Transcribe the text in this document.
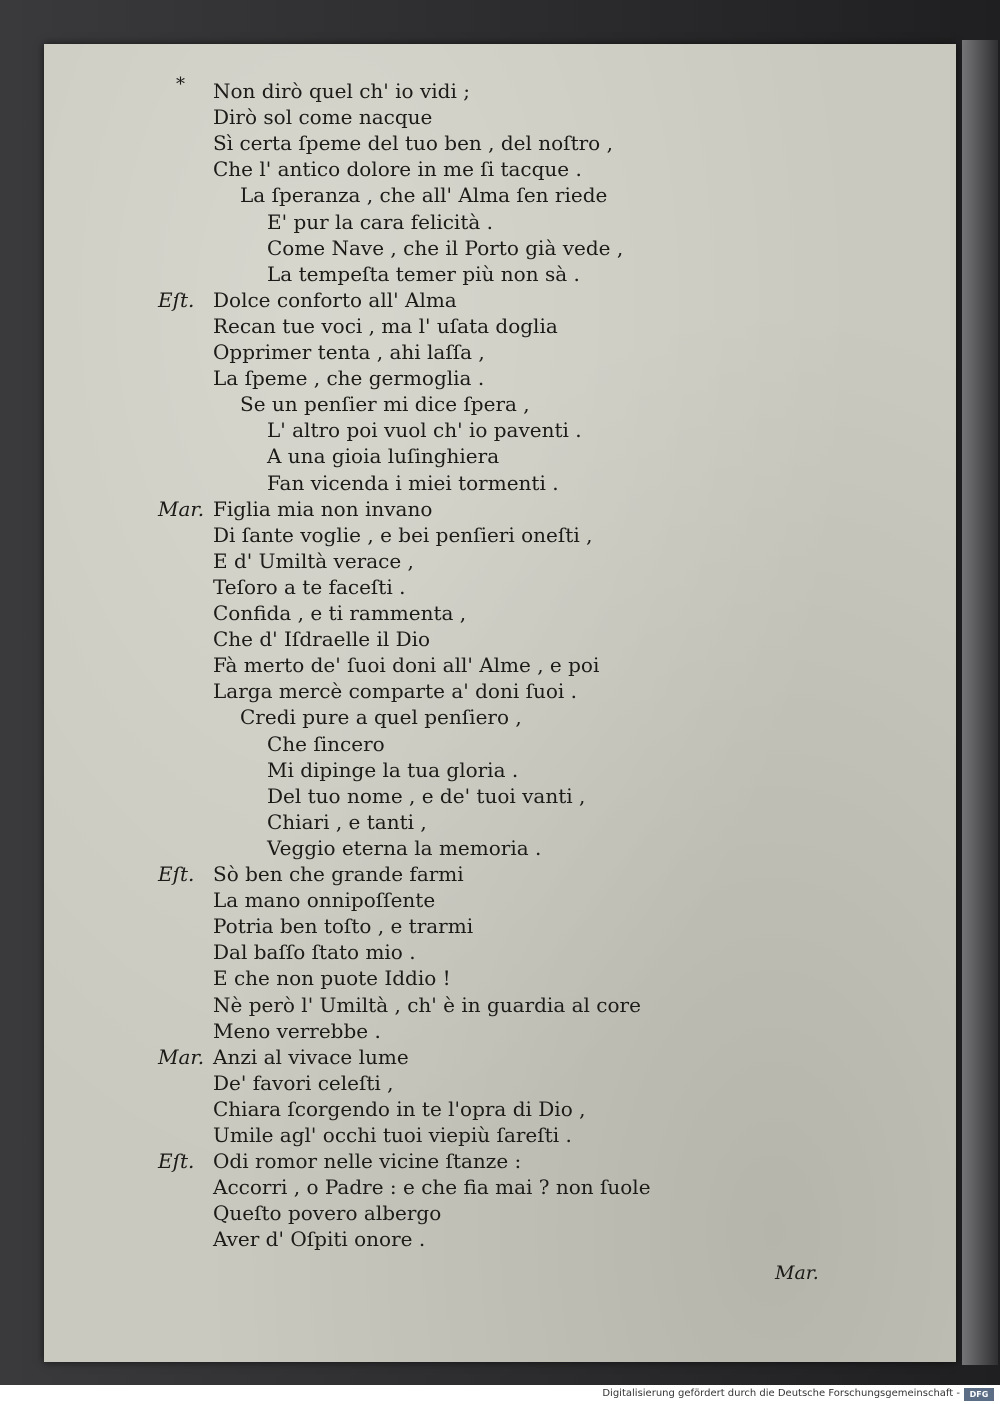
* Non dirò quel ch' io vidi ;
Dirò sol come nacque
Sì certa ſpeme del tuo ben , del noſtro ,
Che l' antico dolore in me ſi tacque .
La ſperanza , che all' Alma ſen riede
E' pur la cara felicità .
Come Nave , che il Porto già vede ,
La tempeſta temer più non sà .
Eſt. Dolce conforto all' Alma
Recan tue voci , ma l' uſata doglia
Opprimer tenta , ahi laſſa ,
La ſpeme , che germoglia .
Se un penſier mi dice ſpera ,
L' altro poi vuol ch' io paventi .
A una gioia luſinghiera
Fan vicenda i miei tormenti .
Mar. Figlia mia non invano
Di ſante voglie , e bei penſieri oneſti ,
E d' Umiltà verace ,
Teſoro a te faceſti .
Confida , e ti rammenta ,
Che d' Iſdraelle il Dio
Fà merto de' ſuoi doni all' Alme , e poi
Larga mercè comparte a' doni ſuoi .
Credi pure a quel penſiero ,
Che ſincero
Mi dipinge la tua gloria .
Del tuo nome , e de' tuoi vanti ,
Chiari , e tanti ,
Veggio eterna la memoria .
Eſt. Sò ben che grande farmi
La mano onnipoſſente
Potria ben toſto , e trarmi
Dal baſſo ſtato mio .
E che non puote Iddio !
Nè però l' Umiltà , ch' è in guardia al core
Meno verrebbe .
Mar. Anzi al vivace lume
De' favori celeſti ,
Chiara ſcorgendo in te l'opra di Dio ,
Umile agl' occhi tuoi viepiù ſareſti .
Eſt. Odi romor nelle vicine ſtanze :
Accorri , o Padre : e che fia mai ? non ſuole
Queſto povero albergo
Aver d' Oſpiti onore .
Mar.
Digitalisierung gefördert durch die Deutsche Forschungsgemeinschaft -	DFG
